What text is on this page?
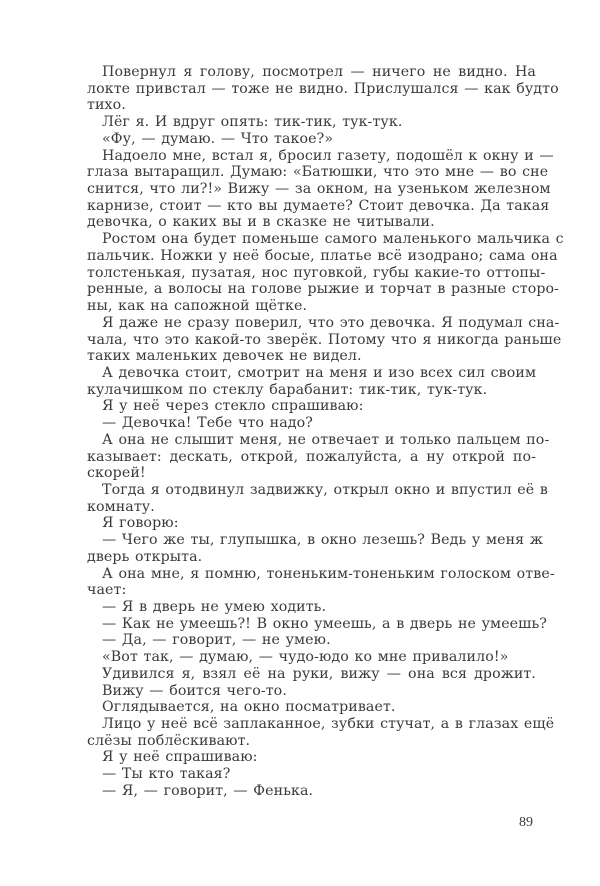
Повернул я голову, посмотрел — ничего не видно. На
локте привстал — тоже не видно. Прислушался — как будто
тихо.
Лёг я. И вдруг опять: тик-тик, тук-тук.
«Фу, — думаю. — Что такое?»
Надоело мне, встал я, бросил газету, подошёл к окну и —
глаза вытаращил. Думаю: «Батюшки, что это мне — во сне
снится, что ли?!» Вижу — за окном, на узеньком железном
карнизе, стоит — кто вы думаете? Стоит девочка. Да такая
девочка, о каких вы и в сказке не читывали.
Ростом она будет поменьше самого маленького мальчика с
пальчик. Ножки у неё босые, платье всё изодрано; сама она
толстенькая, пузатая, нос пуговкой, губы какие-то оттопы-
ренные, а волосы на голове рыжие и торчат в разные сторо-
ны, как на сапожной щётке.
Я даже не сразу поверил, что это девочка. Я подумал сна-
чала, что это какой-то зверёк. Потому что я никогда раньше
таких маленьких девочек не видел.
А девочка стоит, смотрит на меня и изо всех сил своим
кулачишком по стеклу барабанит: тик-тик, тук-тук.
Я у неё через стекло спрашиваю:
— Девочка! Тебе что надо?
А она не слышит меня, не отвечает и только пальцем по-
казывает: дескать, открой, пожалуйста, а ну открой по-
скорей!
Тогда я отодвинул задвижку, открыл окно и впустил её в
комнату.
Я говорю:
— Чего же ты, глупышка, в окно лезешь? Ведь у меня ж
дверь открыта.
А она мне, я помню, тоненьким-тоненьким голоском отве-
чает:
— Я в дверь не умею ходить.
— Как не умеешь?! В окно умеешь, а в дверь не умеешь?
— Да, — говорит, — не умею.
«Вот так, — думаю, — чудо-юдо ко мне привалило!»
Удивился я, взял её на руки, вижу — она вся дрожит.
Вижу — боится чего-то.
Оглядывается, на окно посматривает.
Лицо у неё всё заплаканное, зубки стучат, а в глазах ещё
слёзы поблёскивают.
Я у неё спрашиваю:
— Ты кто такая?
— Я, — говорит, — Фенька.
89
